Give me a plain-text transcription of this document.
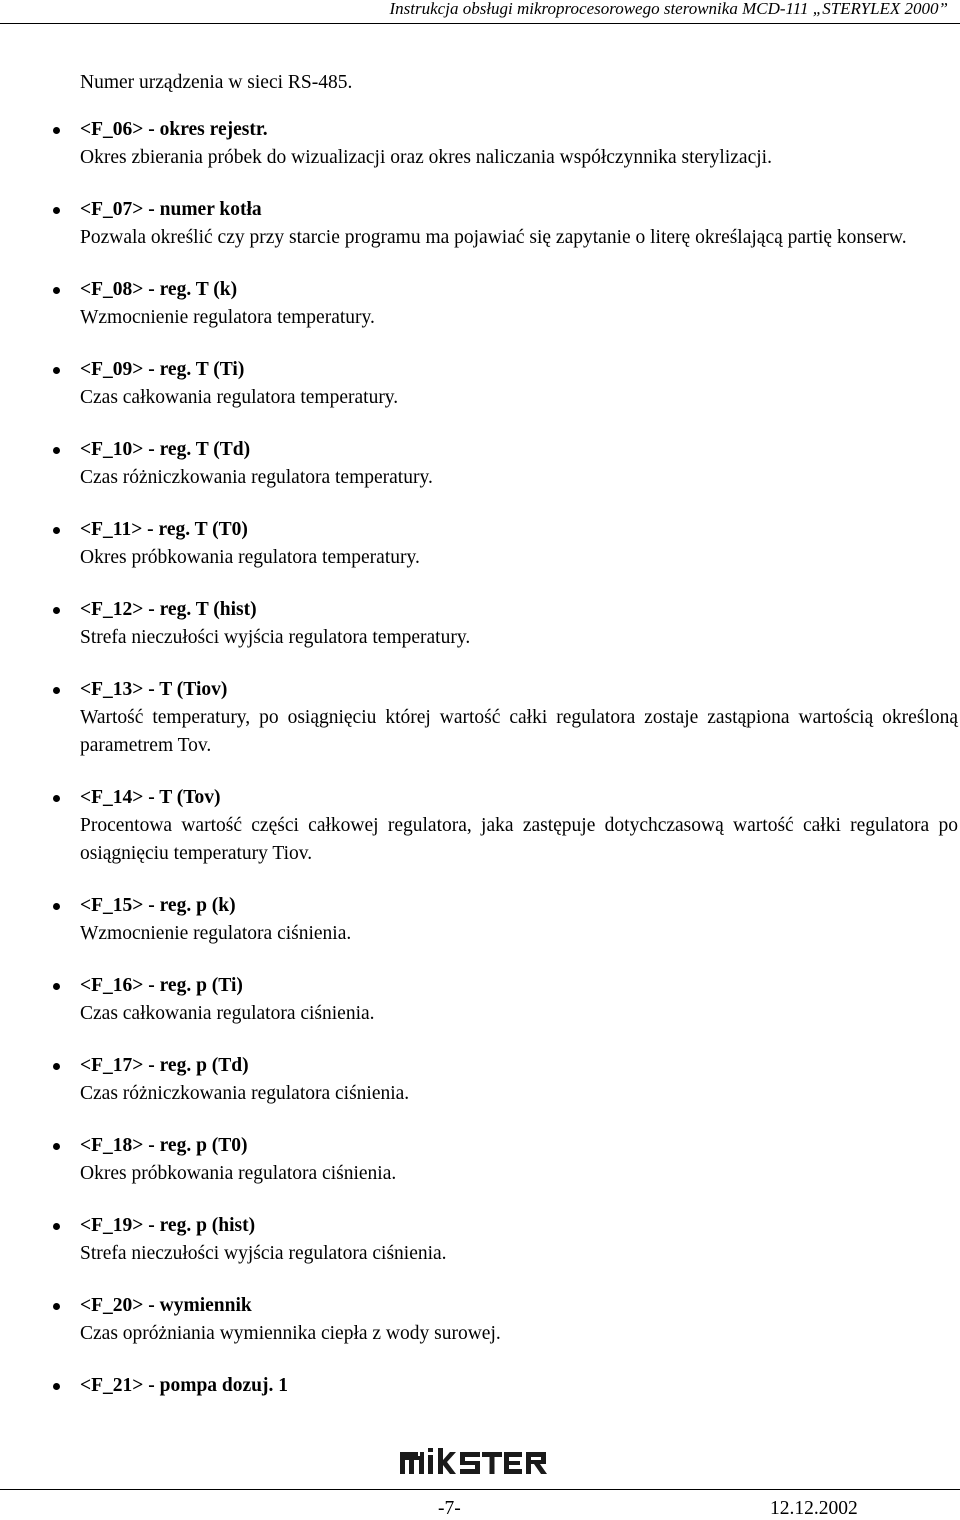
Instrukcja obsługi mikroprocesorowego sterownika MCD-111 „STERYLEX 2000”
Numer urządzenia w sieci RS-485.
<F_06> - okres rejestr.
Okres zbierania próbek do wizualizacji oraz okres naliczania współczynnika sterylizacji.
<F_07> - numer kotła
Pozwala określić czy przy starcie programu ma pojawiać się zapytanie o literę określającą partię konserw.
<F_08> - reg. T (k)
Wzmocnienie regulatora temperatury.
<F_09> - reg. T (Ti)
Czas całkowania regulatora temperatury.
<F_10> - reg. T (Td)
Czas różniczkowania regulatora temperatury.
<F_11> - reg. T (T0)
Okres próbkowania regulatora temperatury.
<F_12> - reg. T (hist)
Strefa nieczułości wyjścia regulatora temperatury.
<F_13> - T (Tiov)
Wartość temperatury, po osiągnięciu której wartość całki regulatora zostaje zastąpiona wartością określoną parametrem Tov.
<F_14> - T (Tov)
Procentowa wartość części całkowej regulatora, jaka zastępuje dotychczasową wartość całki regulatora po osiągnięciu temperatury Tiov.
<F_15> - reg. p (k)
Wzmocnienie regulatora ciśnienia.
<F_16> - reg. p (Ti)
Czas całkowania regulatora ciśnienia.
<F_17> - reg. p (Td)
Czas różniczkowania regulatora ciśnienia.
<F_18> - reg. p (T0)
Okres próbkowania regulatora ciśnienia.
<F_19> - reg. p (hist)
Strefa nieczułości wyjścia regulatora ciśnienia.
<F_20> - wymiennik
Czas opróżniania wymiennika ciepła z wody surowej.
<F_21> - pompa dozuj. 1
-7-	12.12.2002
